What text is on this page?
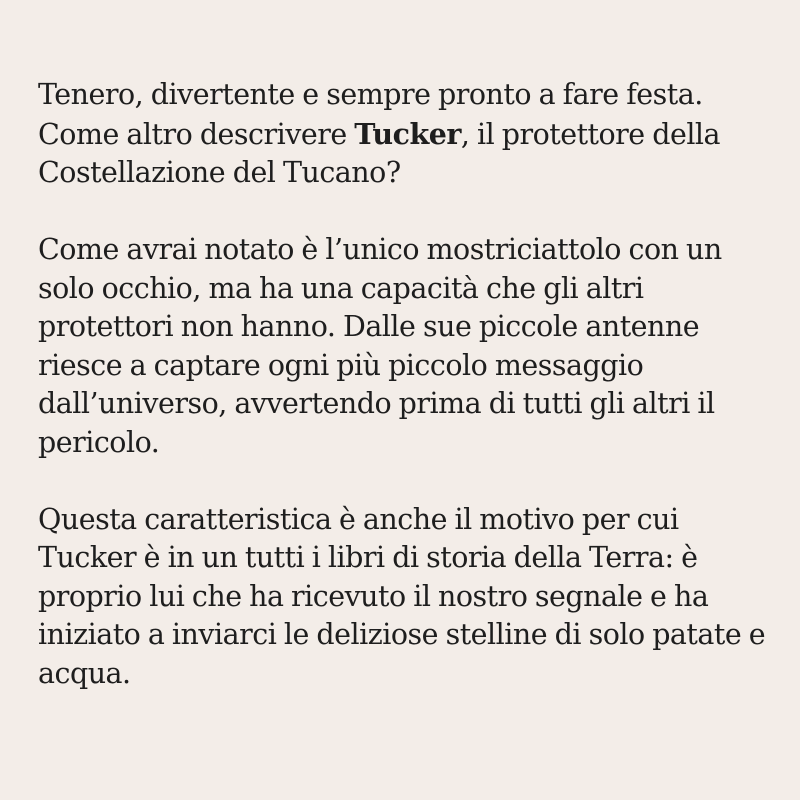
Tenero, divertente e sempre pronto a fare festa. Come altro descrivere Tucker, il protettore della Costellazione del Tucano?

Come avrai notato è l’unico mostriciattolo con un solo occhio, ma ha una capacità che gli altri protettori non hanno. Dalle sue piccole antenne riesce a captare ogni più piccolo messaggio dall’universo, avvertendo prima di tutti gli altri il pericolo.

Questa caratteristica è anche il motivo per cui Tucker è in un tutti i libri di storia della Terra: è proprio lui che ha ricevuto il nostro segnale e ha iniziato a inviarci le deliziose stelline di solo patate e acqua.
